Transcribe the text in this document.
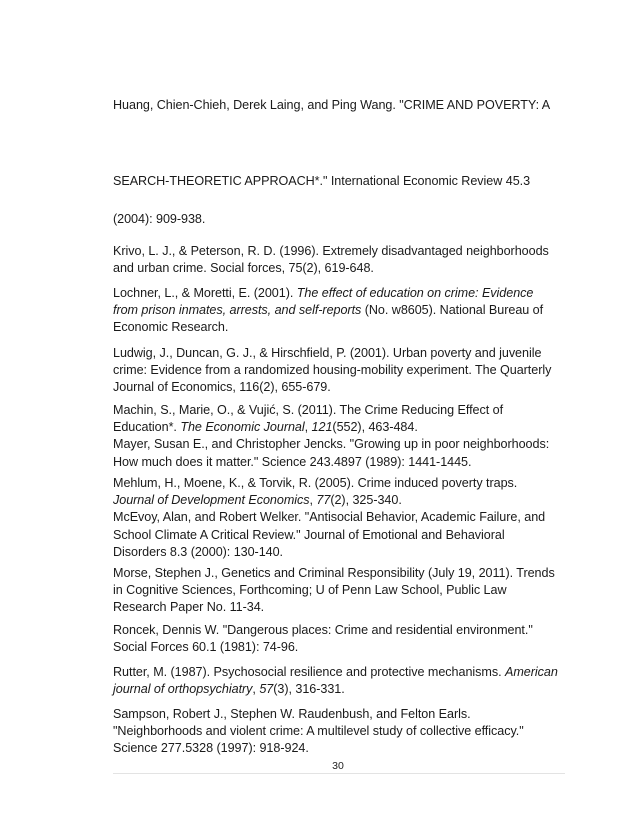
Huang, Chien-Chieh, Derek Laing, and Ping Wang. "CRIME AND POVERTY: A
SEARCH-THEORETIC APPROACH*." International Economic Review 45.3
(2004): 909-938.
Krivo, L. J., & Peterson, R. D. (1996). Extremely disadvantaged neighborhoods
and urban crime. Social forces, 75(2), 619-648.
Lochner, L., & Moretti, E. (2001). The effect of education on crime: Evidence
from prison inmates, arrests, and self-reports (No. w8605). National Bureau of
Economic Research.
Ludwig, J., Duncan, G. J., & Hirschfield, P. (2001). Urban poverty and juvenile
crime: Evidence from a randomized housing-mobility experiment. The Quarterly
Journal of Economics, 116(2), 655-679.
Machin, S., Marie, O., & Vujić, S. (2011). The Crime Reducing Effect of
Education*. The Economic Journal, 121(552), 463-484.
Mayer, Susan E., and Christopher Jencks. "Growing up in poor neighborhoods:
How much does it matter." Science 243.4897 (1989): 1441-1445.
Mehlum, H., Moene, K., & Torvik, R. (2005). Crime induced poverty traps.
Journal of Development Economics, 77(2), 325-340.
McEvoy, Alan, and Robert Welker. "Antisocial Behavior, Academic Failure, and
School Climate A Critical Review." Journal of Emotional and Behavioral
Disorders 8.3 (2000): 130-140.
Morse, Stephen J., Genetics and Criminal Responsibility (July 19, 2011). Trends
in Cognitive Sciences, Forthcoming; U of Penn Law School, Public Law
Research Paper No. 11-34.
Roncek, Dennis W. "Dangerous places: Crime and residential environment."
Social Forces 60.1 (1981): 74-96.
Rutter, M. (1987). Psychosocial resilience and protective mechanisms. American
journal of orthopsychiatry, 57(3), 316-331.
Sampson, Robert J., Stephen W. Raudenbush, and Felton Earls.
"Neighborhoods and violent crime: A multilevel study of collective efficacy."
Science 277.5328 (1997): 918-924.
30
